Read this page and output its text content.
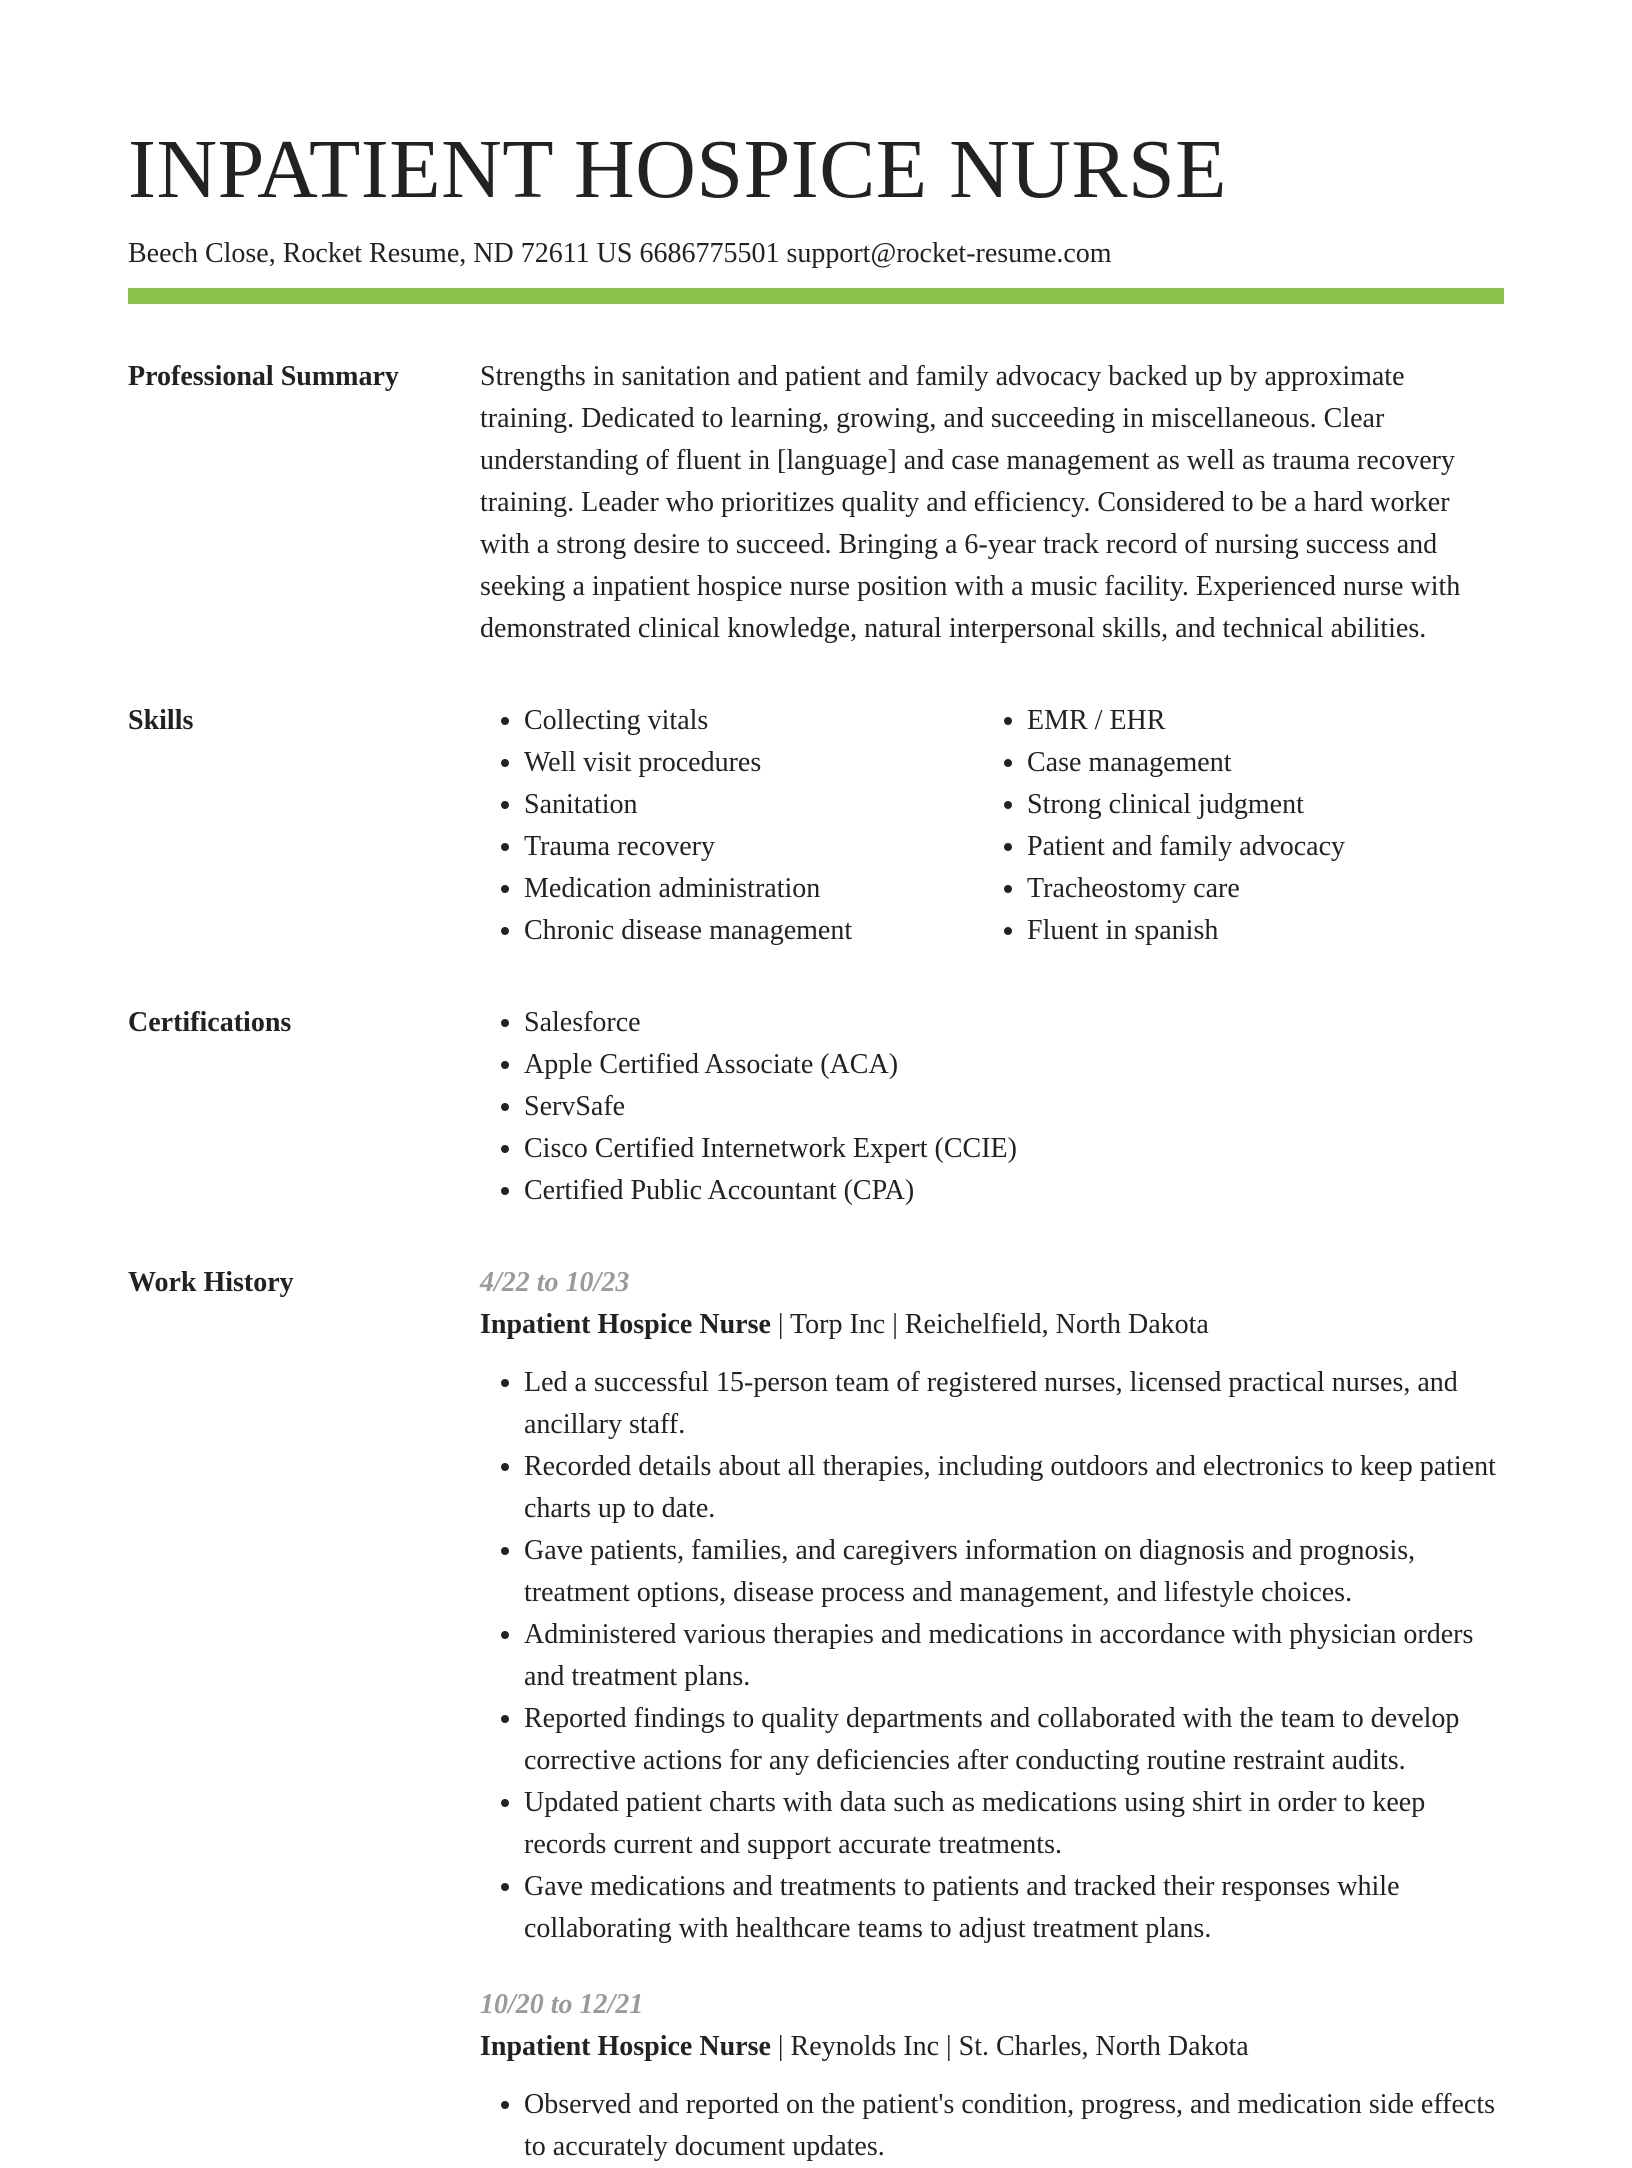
INPATIENT HOSPICE NURSE
Beech Close, Rocket Resume, ND 72611 US 6686775501 support@rocket-resume.com
Professional Summary	Strengths in sanitation and patient and family advocacy backed up by approximate training. Dedicated to learning, growing, and succeeding in miscellaneous. Clear understanding of fluent in [language] and case management as well as trauma recovery training. Leader who prioritizes quality and efficiency. Considered to be a hard worker with a strong desire to succeed. Bringing a 6-year track record of nursing success and seeking a inpatient hospice nurse position with a music facility. Experienced nurse with demonstrated clinical knowledge, natural interpersonal skills, and technical abilities.

Skills	• Collecting vitals
• Well visit procedures
• Sanitation
• Trauma recovery
• Medication administration
• Chronic disease management
• EMR / EHR
• Case management
• Strong clinical judgment
• Patient and family advocacy
• Tracheostomy care
• Fluent in spanish
Certifications	• Salesforce
• Apple Certified Associate (ACA)
• ServSafe
• Cisco Certified Internetwork Expert (CCIE)
• Certified Public Accountant (CPA)
Work History	4/22 to 10/23
Inpatient Hospice Nurse | Torp Inc | Reichelfield, North Dakota
• Led a successful 15-person team of registered nurses, licensed practical nurses, and ancillary staff.
• Recorded details about all therapies, including outdoors and electronics to keep patient charts up to date.
• Gave patients, families, and caregivers information on diagnosis and prognosis, treatment options, disease process and management, and lifestyle choices.
• Administered various therapies and medications in accordance with physician orders and treatment plans.
• Reported findings to quality departments and collaborated with the team to develop corrective actions for any deficiencies after conducting routine restraint audits.
• Updated patient charts with data such as medications using shirt in order to keep records current and support accurate treatments.
• Gave medications and treatments to patients and tracked their responses while collaborating with healthcare teams to adjust treatment plans.
10/20 to 12/21
Inpatient Hospice Nurse | Reynolds Inc | St. Charles, North Dakota
• Observed and reported on the patient's condition, progress, and medication side effects to accurately document updates.
